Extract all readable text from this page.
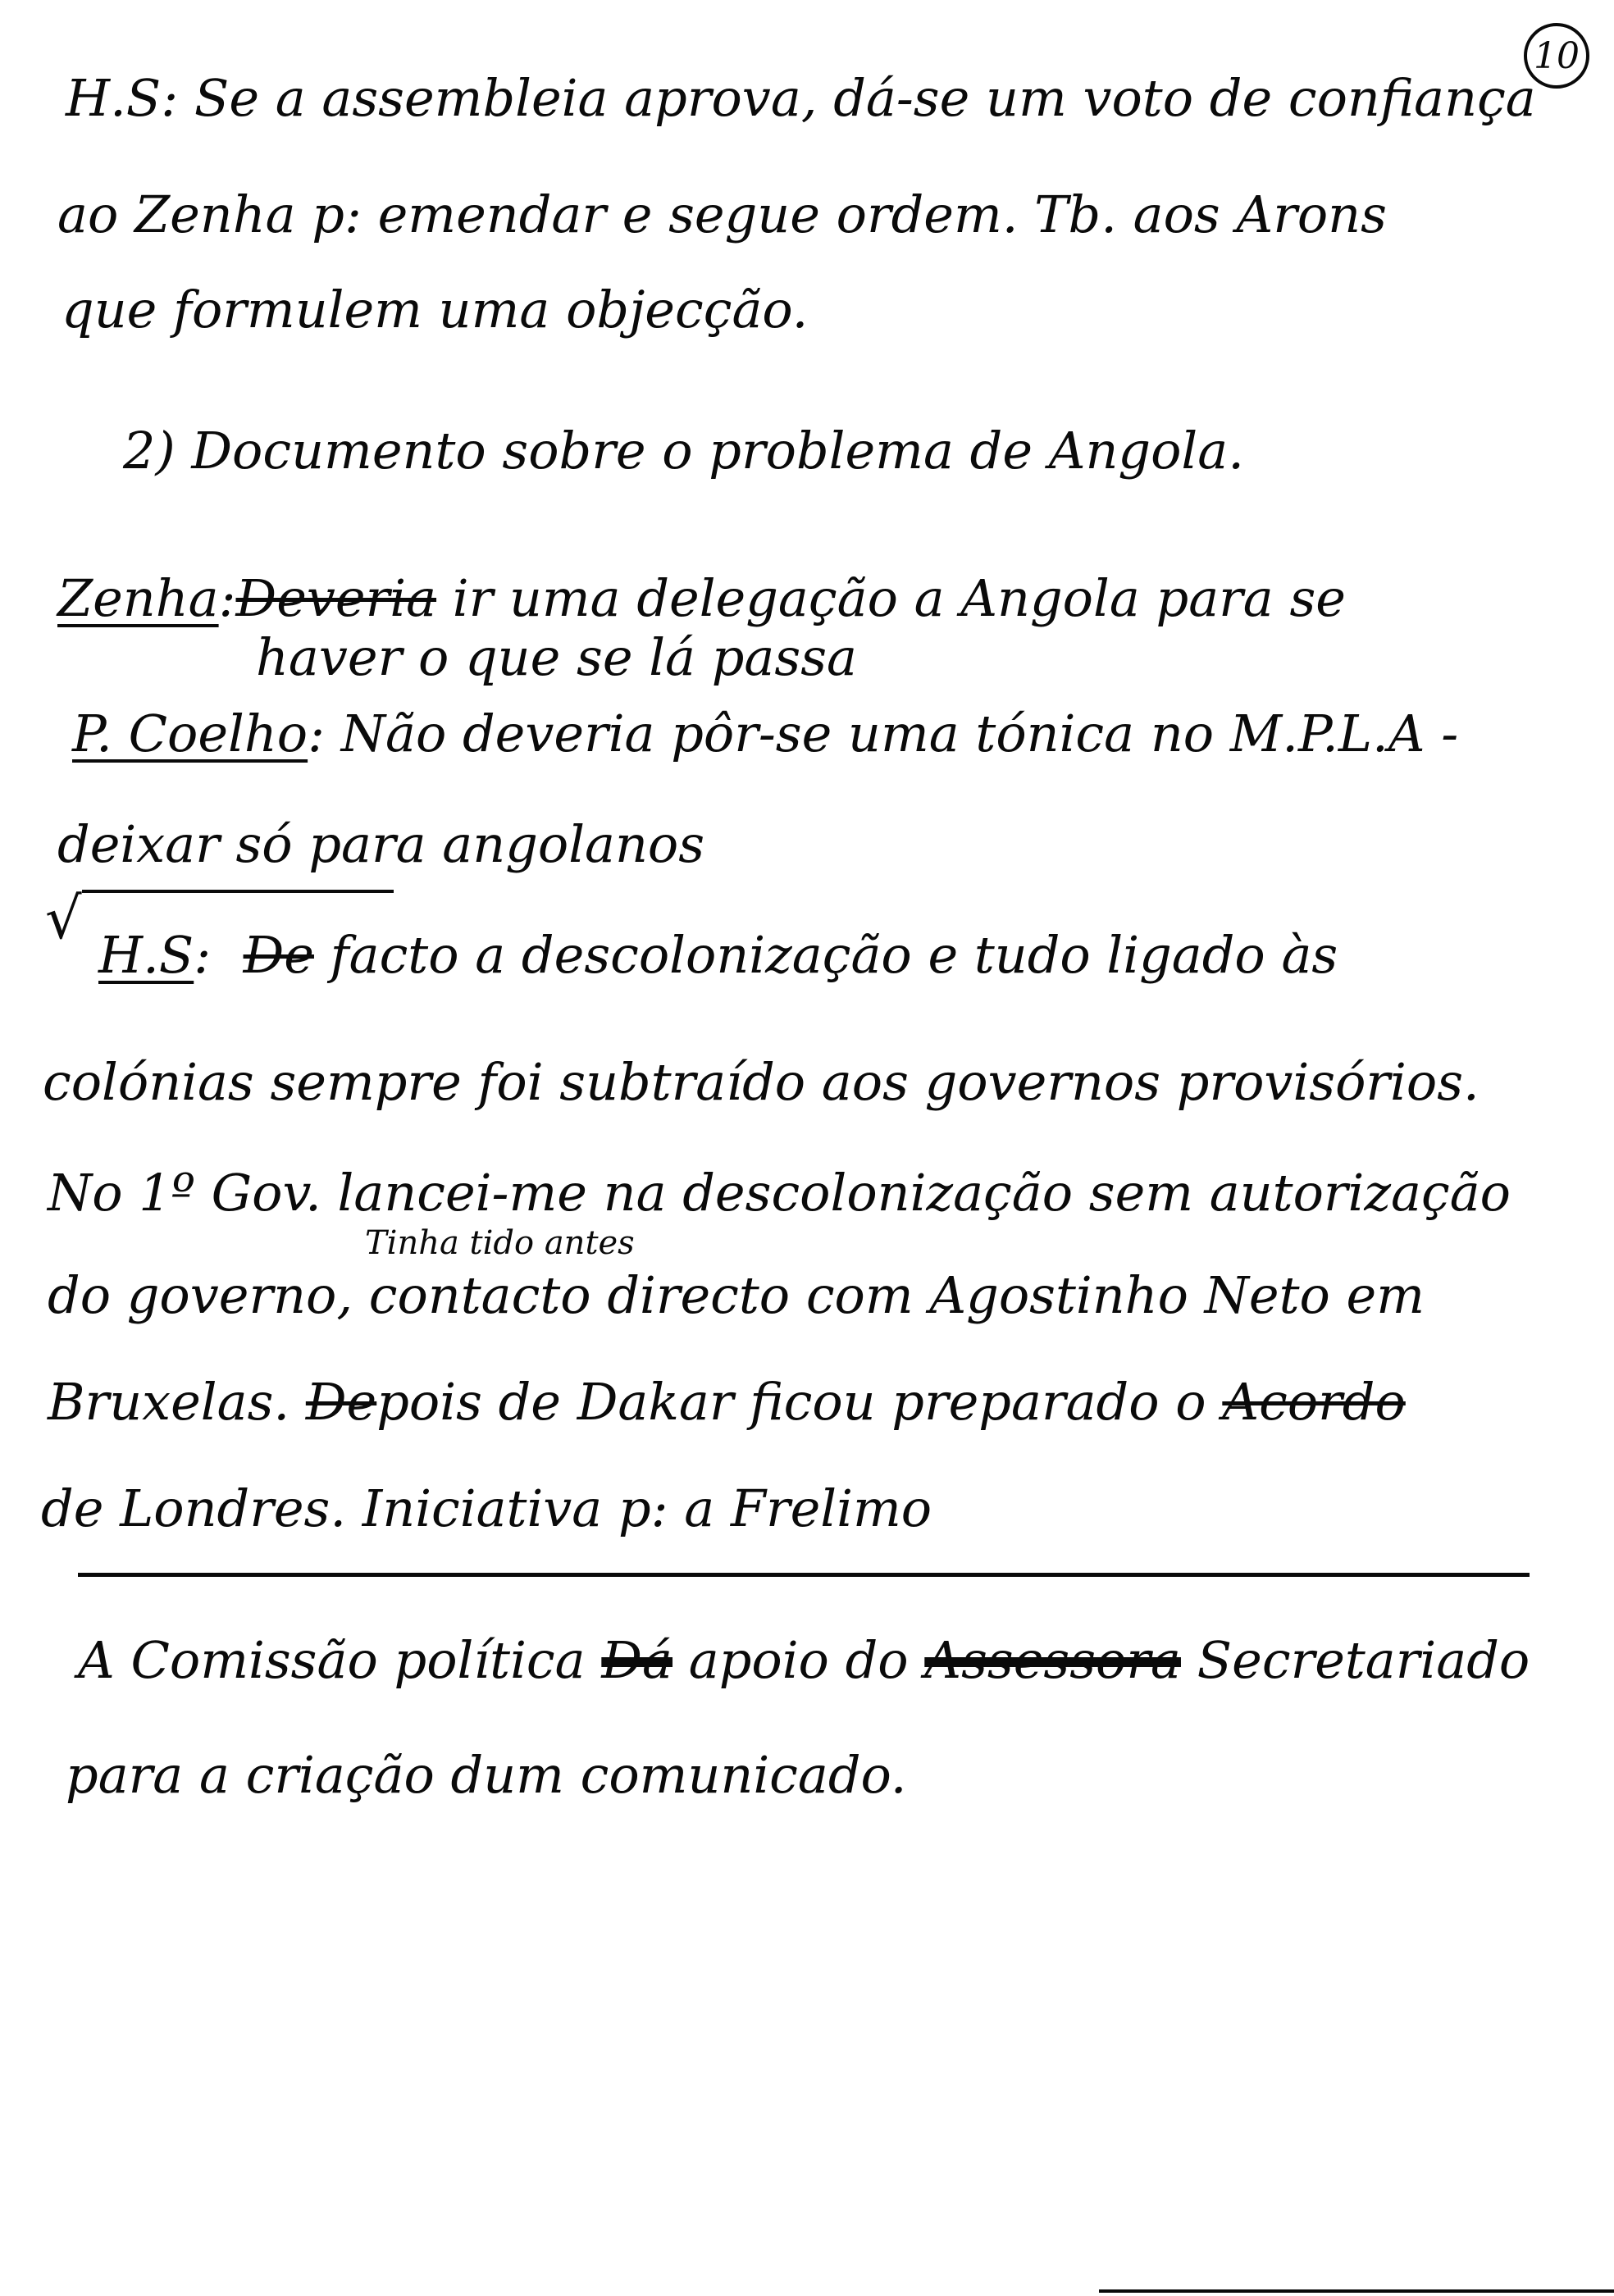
10
H.S: Se a assembleia aprova, dá-se um voto de confiança
ao Zenha p: emendar e segue ordem. Tb. aos Arons
que formulem uma objecção.
2) Documento sobre o problema de Angola.
Zenha:Deveria ir uma delegação a Angola para se
haver o que se lá passa
P. Coelho: Não deveria pôr-se uma tónica no M.P.L.A -
deixar só para angolanos
√
H.S: De facto a descolonização e tudo ligado às
colónias sempre foi subtraído aos governos provisórios.
No 1º Gov. lancei-me na descolonização sem autorização
Tinha tido antes
do governo, contacto directo com Agostinho Neto em
Bruxelas. Depois de Dakar ficou preparado o Acordo
de Londres. Iniciativa p: a Frelimo
A Comissão política Dá apoio do Assessora Secretariado
para a criação dum comunicado.
